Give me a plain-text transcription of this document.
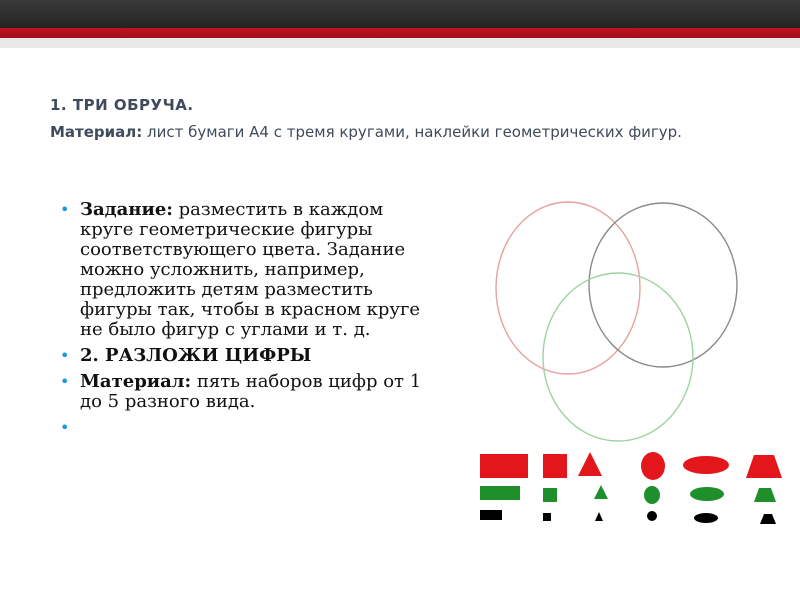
1. ТРИ ОБРУЧА.
Материал: лист бумаги А4 с тремя кругами, наклейки геометрических фигур.
• Задание: разместить в каждом круге геометрические фигуры соответствующего цвета. Задание можно усложнить, например, предложить детям разместить фигуры так, чтобы в красном круге не было фигур с углами и т. д.
• 2. РАЗЛОЖИ ЦИФРЫ
• Материал: пять наборов цифр от 1 до 5 разного вида.
•
